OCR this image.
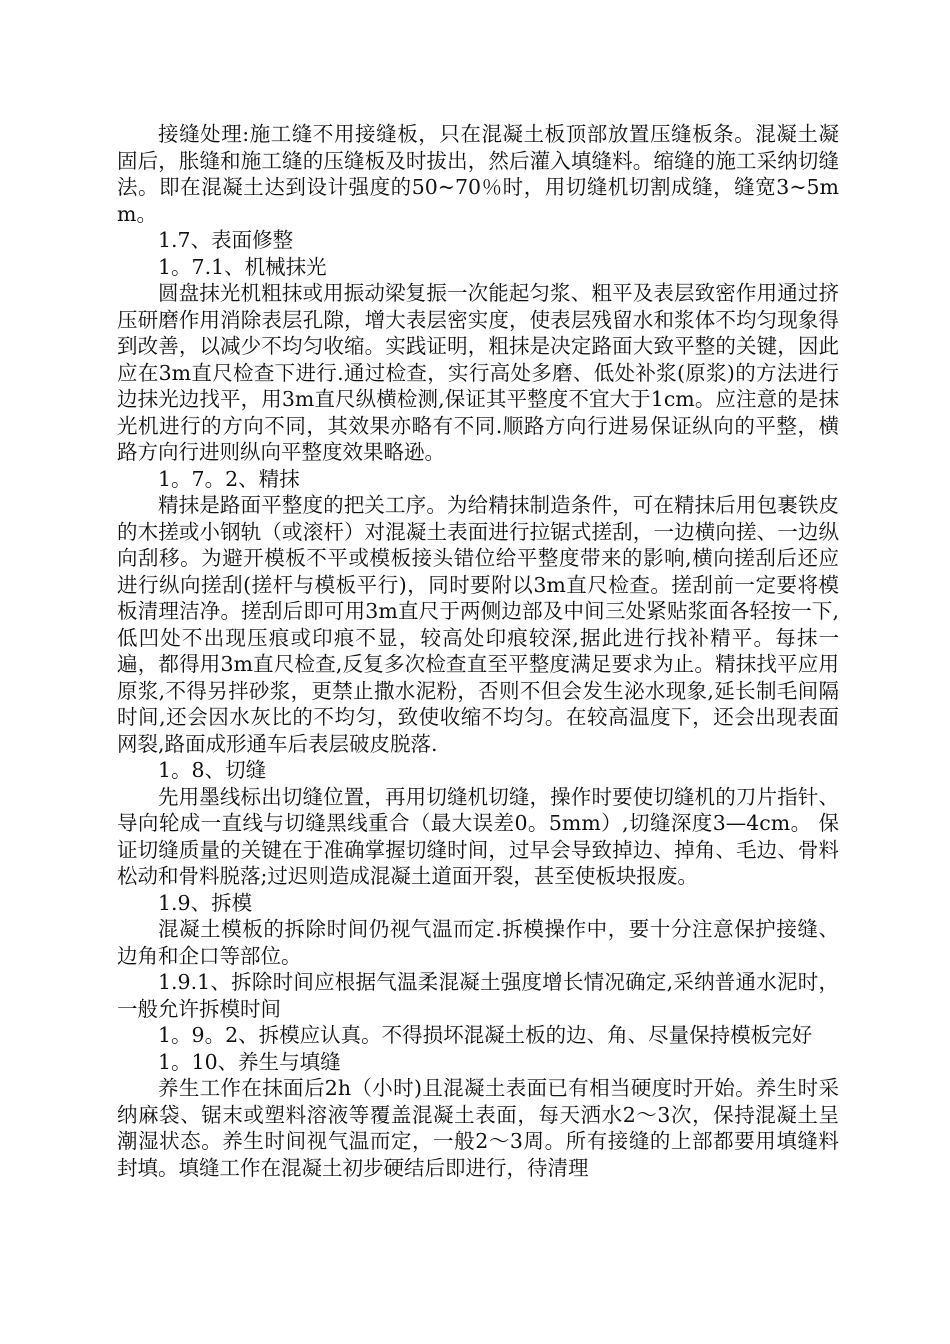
接缝处理:施工缝不用接缝板，只在混凝土板顶部放置压缝板条。混凝土凝固后，胀缝和施工缝的压缝板及时拔出，然后灌入填缝料。缩缝的施工采纳切缝法。即在混凝土达到设计强度的50~70％时，用切缝机切割成缝，缝宽3~5mm。

1.7、表面修整

1。7.1、机械抹光

圆盘抹光机粗抹或用振动梁复振一次能起匀浆、粗平及表层致密作用通过挤压研磨作用消除表层孔隙，增大表层密实度，使表层残留水和浆体不均匀现象得到改善，以减少不均匀收缩。实践证明，粗抹是决定路面大致平整的关键，因此应在3m直尺检查下进行.通过检查，实行高处多磨、低处补浆(原浆)的方法进行边抹光边找平，用3m直尺纵横检测,保证其平整度不宜大于1cm。应注意的是抹光机进行的方向不同，其效果亦略有不同.顺路方向行进易保证纵向的平整，横路方向行进则纵向平整度效果略逊。

1。7。2、精抹

精抹是路面平整度的把关工序。为给精抹制造条件，可在精抹后用包裹铁皮的木搓或小钢轨（或滚杆）对混凝土表面进行拉锯式搓刮，一边横向搓、一边纵向刮移。为避开模板不平或模板接头错位给平整度带来的影响,横向搓刮后还应进行纵向搓刮(搓杆与模板平行)，同时要附以3m直尺检查。搓刮前一定要将模板清理洁净。搓刮后即可用3m直尺于两侧边部及中间三处紧贴浆面各轻按一下,低凹处不出现压痕或印痕不显，较高处印痕较深,据此进行找补精平。每抹一遍，都得用3m直尺检查,反复多次检查直至平整度满足要求为止。精抹找平应用原浆,不得另拌砂浆，更禁止撒水泥粉，否则不但会发生泌水现象,延长制毛间隔时间,还会因水灰比的不均匀，致使收缩不均匀。在较高温度下，还会出现表面网裂,路面成形通车后表层破皮脱落.

1。8、切缝

先用墨线标出切缝位置，再用切缝机切缝，操作时要使切缝机的刀片指针、导向轮成一直线与切缝黑线重合（最大误差0。5mm）,切缝深度3—4cm。 保证切缝质量的关键在于准确掌握切缝时间，过早会导致掉边、掉角、毛边、骨料松动和骨料脱落;过迟则造成混凝土道面开裂，甚至使板块报废。

1.9、拆模

混凝土模板的拆除时间仍视气温而定.拆模操作中，要十分注意保护接缝、边角和企口等部位。

1.9.1、拆除时间应根据气温柔混凝土强度增长情况确定,采纳普通水泥时，一般允许拆模时间

1。9。2、拆模应认真。不得损坏混凝土板的边、角、尽量保持模板完好

1。10、养生与填缝

养生工作在抹面后2h（小时)且混凝土表面已有相当硬度时开始。养生时采纳麻袋、锯末或塑料溶液等覆盖混凝土表面，每天洒水2～3次，保持混凝土呈潮湿状态。养生时间视气温而定，一般2～3周。所有接缝的上部都要用填缝料封填。填缝工作在混凝土初步硬结后即进行，待清理
